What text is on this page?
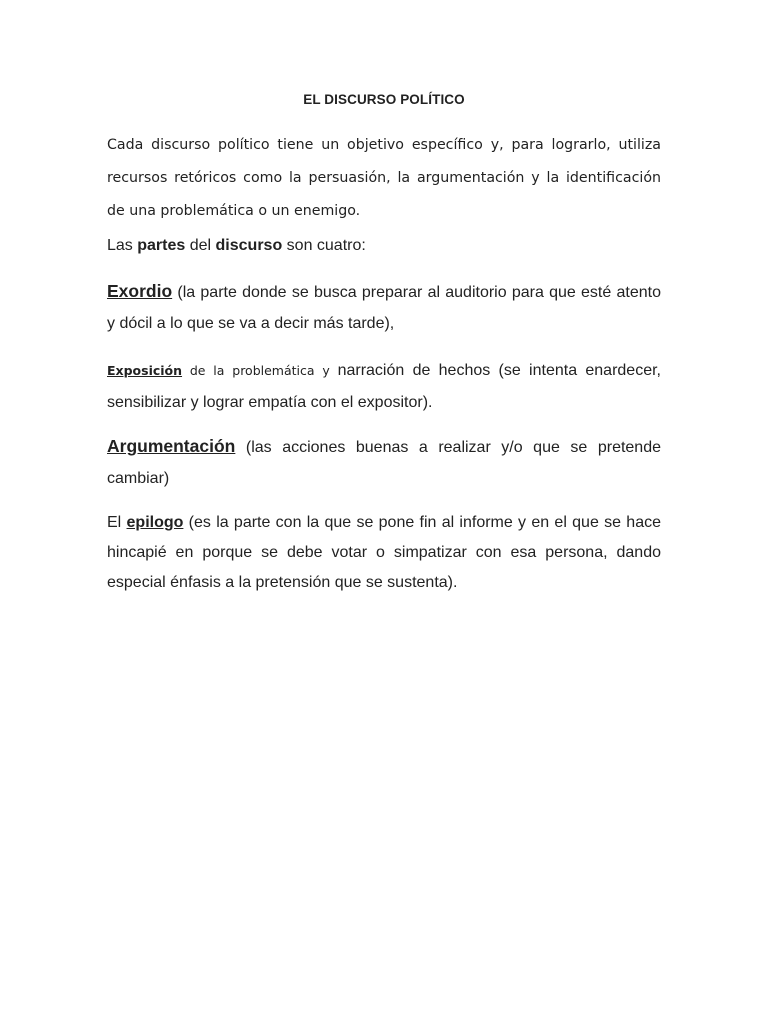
EL DISCURSO POLÍTICO

Cada discurso político tiene un objetivo específico y, para lograrlo, utiliza recursos retóricos como la persuasión, la argumentación y la identificación de una problemática o un enemigo.

Las partes del discurso son cuatro:

Exordio (la parte donde se busca preparar al auditorio para que esté atento y dócil a lo que se va a decir más tarde),

Exposición de la problemática y narración de hechos (se intenta enardecer, sensibilizar y lograr empatía con el expositor).

Argumentación (las acciones buenas a realizar y/o que se pretende cambiar)

El epilogo (es la parte con la que se pone fin al informe y en el que se hace hincapié en porque se debe votar o simpatizar con esa persona, dando especial énfasis a la pretensión que se sustenta).
